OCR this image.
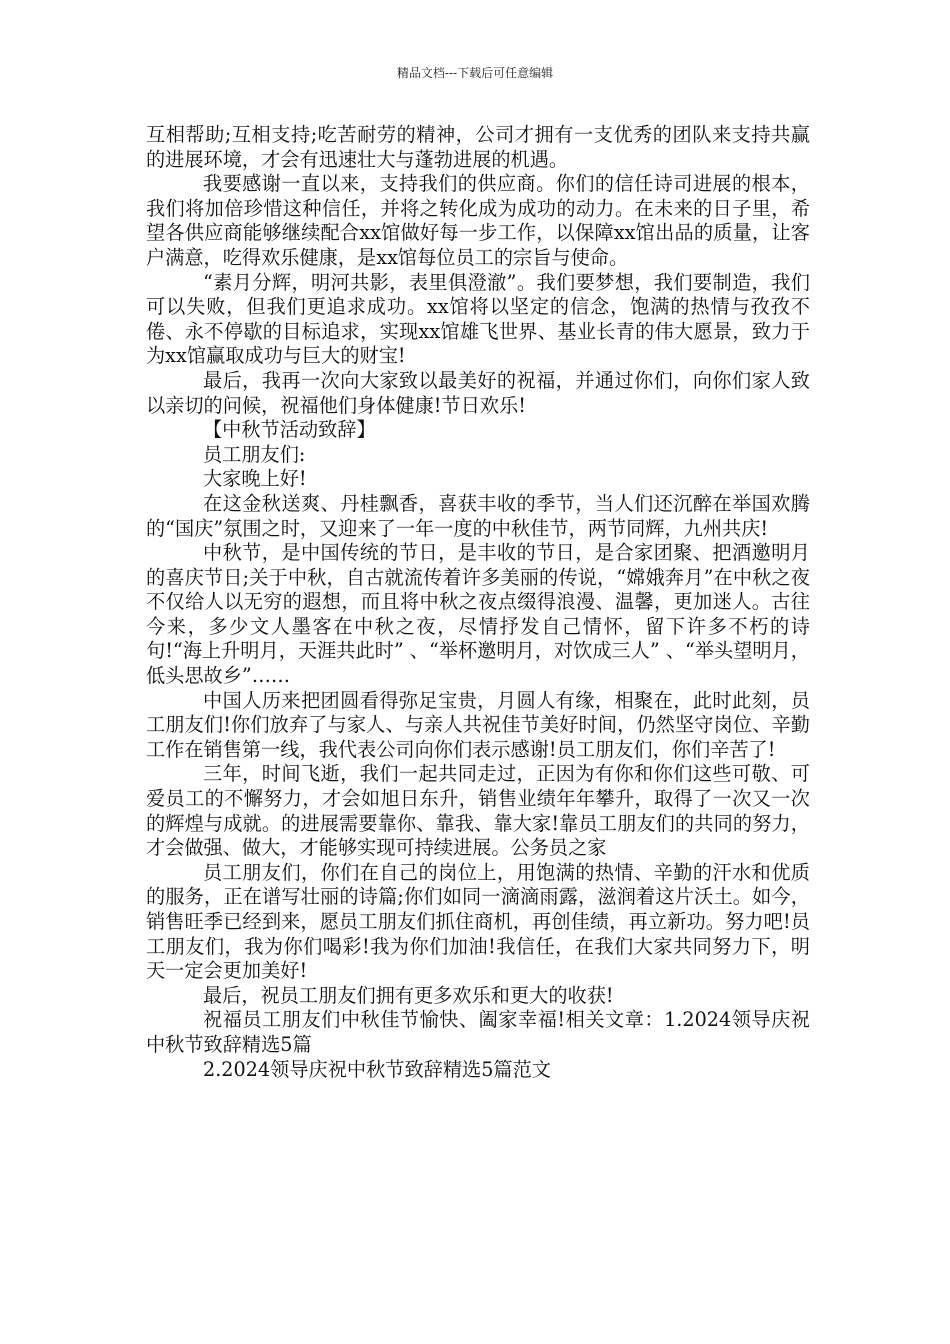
精品文档---下载后可任意编辑

互相帮助;互相支持;吃苦耐劳的精神，公司才拥有一支优秀的团队来支持共赢的进展环境，才会有迅速壮大与蓬勃进展的机遇。

我要感谢一直以来，支持我们的供应商。你们的信任诗司进展的根本，我们将加倍珍惜这种信任，并将之转化成为成功的动力。在未来的日子里，希望各供应商能够继续配合xx馆做好每一步工作，以保障xx馆出品的质量，让客户满意，吃得欢乐健康，是xx馆每位员工的宗旨与使命。

“素月分辉，明河共影，表里俱澄澈”。我们要梦想，我们要制造，我们可以失败，但我们更追求成功。xx馆将以坚定的信念，饱满的热情与孜孜不倦、永不停歇的目标追求，实现xx馆雄飞世界、基业长青的伟大愿景，致力于为xx馆赢取成功与巨大的财宝!

最后，我再一次向大家致以最美好的祝福，并通过你们，向你们家人致以亲切的问候，祝福他们身体健康!节日欢乐!

【中秋节活动致辞】

员工朋友们:

大家晚上好!

在这金秋送爽、丹桂飘香，喜获丰收的季节，当人们还沉醉在举国欢腾的“国庆”氛围之时，又迎来了一年一度的中秋佳节，两节同辉，九州共庆!

中秋节，是中国传统的节日，是丰收的节日，是合家团聚、把酒邀明月的喜庆节日;关于中秋，自古就流传着许多美丽的传说，“嫦娥奔月”在中秋之夜不仅给人以无穷的遐想，而且将中秋之夜点缀得浪漫、温馨，更加迷人。古往今来，多少文人墨客在中秋之夜，尽情抒发自己情怀，留下许多不朽的诗句!“海上升明月，天涯共此时” 、“举杯邀明月，对饮成三人” 、“举头望明月，低头思故乡”……

中国人历来把团圆看得弥足宝贵，月圆人有缘，相聚在，此时此刻，员工朋友们!你们放弃了与家人、与亲人共祝佳节美好时间，仍然坚守岗位、辛勤工作在销售第一线，我代表公司向你们表示感谢!员工朋友们，你们辛苦了!

三年，时间飞逝，我们一起共同走过，正因为有你和你们这些可敬、可爱员工的不懈努力，才会如旭日东升，销售业绩年年攀升，取得了一次又一次的辉煌与成就。的进展需要靠你、靠我、靠大家!靠员工朋友们的共同的努力，才会做强、做大，才能够实现可持续进展。公务员之家

员工朋友们，你们在自己的岗位上，用饱满的热情、辛勤的汗水和优质的服务，正在谱写壮丽的诗篇;你们如同一滴滴雨露，滋润着这片沃土。如今，销售旺季已经到来，愿员工朋友们抓住商机，再创佳绩，再立新功。努力吧!员工朋友们，我为你们喝彩!我为你们加油!我信任，在我们大家共同努力下，明天一定会更加美好!

最后，祝员工朋友们拥有更多欢乐和更大的收获!

祝福员工朋友们中秋佳节愉快、阖家幸福!相关文章：1.2024领导庆祝中秋节致辞精选5篇

2.2024领导庆祝中秋节致辞精选5篇范文
